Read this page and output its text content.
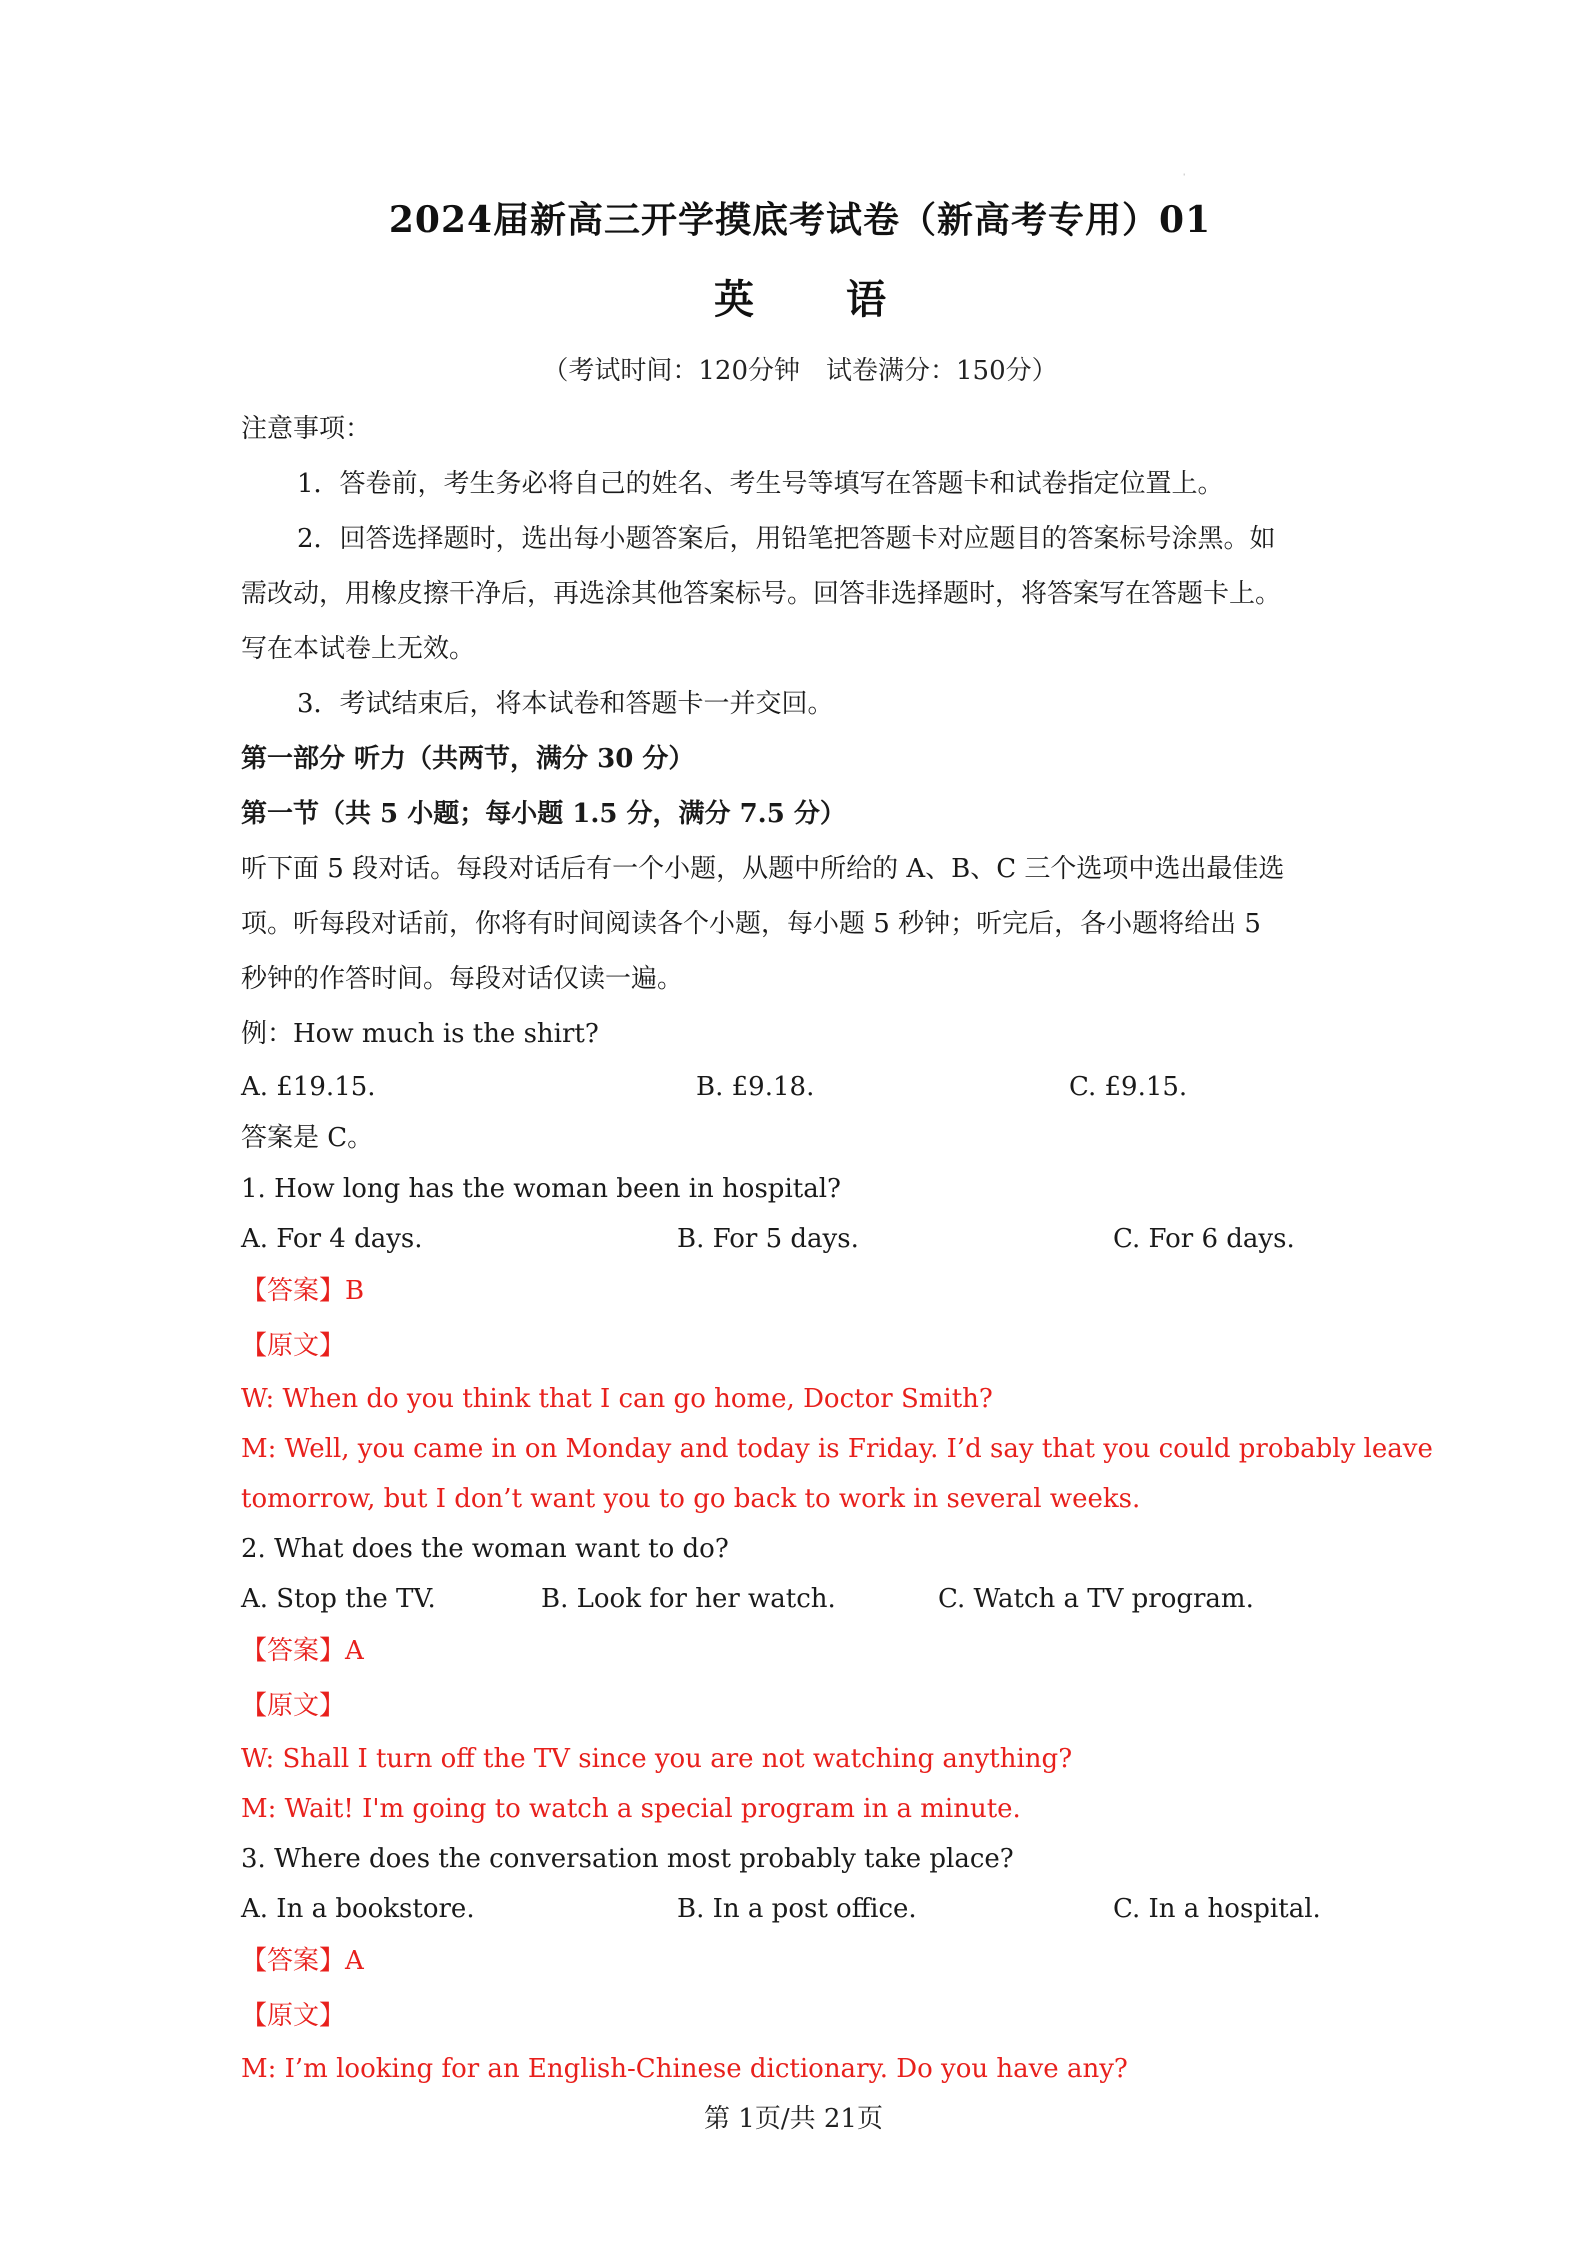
ˈ
2024届新高三开学摸底考试卷（新高考专用）01
英 语
（考试时间：120分钟　试卷满分：150分）
注意事项：
1．答卷前，考生务必将自己的姓名、考生号等填写在答题卡和试卷指定位置上。
2．回答选择题时，选出每小题答案后，用铅笔把答题卡对应题目的答案标号涂黑。如
需改动，用橡皮擦干净后，再选涂其他答案标号。回答非选择题时，将答案写在答题卡上。
写在本试卷上无效。
3．考试结束后，将本试卷和答题卡一并交回。
第一部分 听力（共两节，满分 30 分）
第一节（共 5 小题；每小题 1.5 分，满分 7.5 分）
听下面 5 段对话。每段对话后有一个小题，从题中所给的 A、B、C 三个选项中选出最佳选
项。听每段对话前，你将有时间阅读各个小题，每小题 5 秒钟；听完后，各小题将给出 5
秒钟的作答时间。每段对话仅读一遍。
例：How much is the shirt?
A. £19.15.	B. £9.18.	C. £9.15.
答案是 C。
1. How long has the woman been in hospital?
A. For 4 days.	B. For 5 days.	C. For 6 days.
【答案】B
【原文】
W: When do you think that I can go home, Doctor Smith?
M: Well, you came in on Monday and today is Friday. I’d say that you could probably leave
tomorrow, but I don’t want you to go back to work in several weeks.
2. What does the woman want to do?
A. Stop the TV.	B. Look for her watch.	C. Watch a TV program.
【答案】A
【原文】
W: Shall I turn off the TV since you are not watching anything?
M: Wait! I'm going to watch a special program in a minute.
3. Where does the conversation most probably take place?
A. In a bookstore.	B. In a post office.	C. In a hospital.
【答案】A
【原文】
M: I’m looking for an English-Chinese dictionary. Do you have any?
第 1页/共 21页
